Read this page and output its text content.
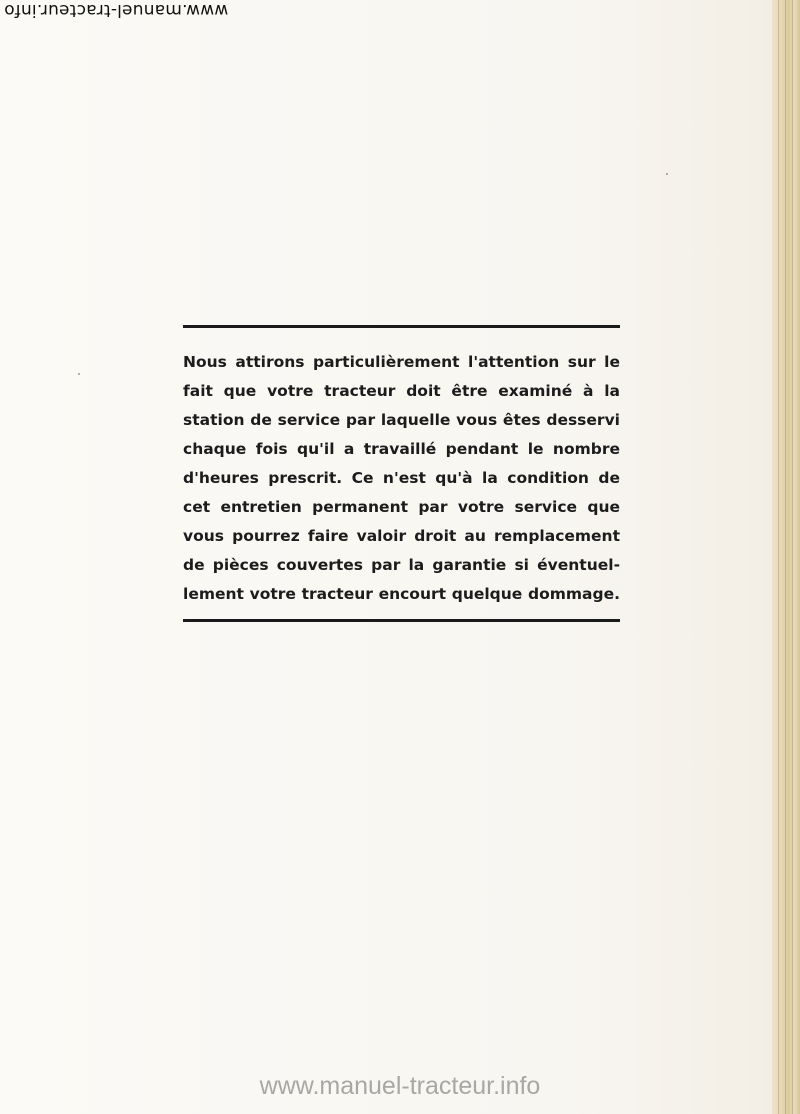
www.manuel-tracteur.info
Nous attirons particulièrement l'attention sur le
fait que votre tracteur doit être examiné à la
station de service par laquelle vous êtes desservi
chaque fois qu'il a travaillé pendant le nombre
d'heures prescrit. Ce n'est qu'à la condition de
cet entretien permanent par votre service que
vous pourrez faire valoir droit au remplacement
de pièces couvertes par la garantie si éventuel-
lement votre tracteur encourt quelque dommage.
www.manuel-tracteur.info
